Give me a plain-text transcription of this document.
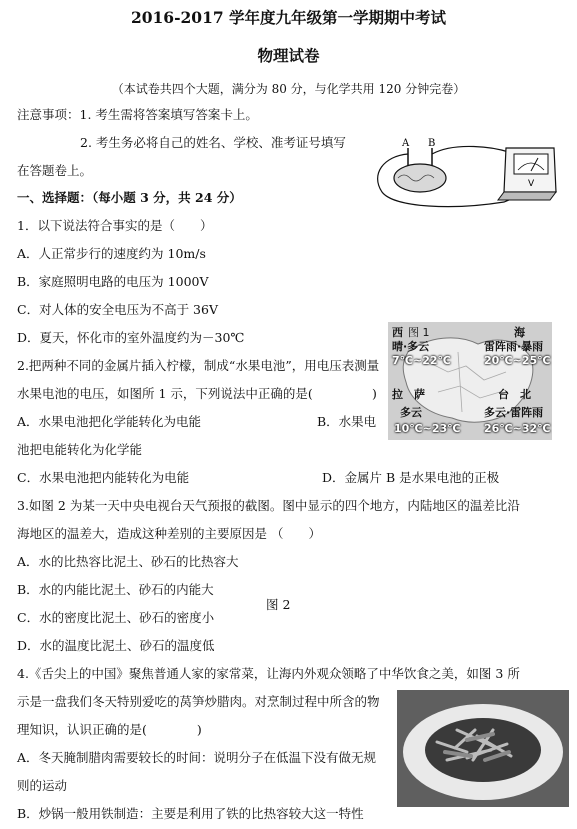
2016-2017 学年度九年级第一学期期中考试
物理试卷
（本试卷共四个大题，满分为 80 分，与化学共用 120 分钟完卷）
注意事项：1. 考生需将答案填写答案卡上。
2. 考生务必将自己的姓名、学校、准考证号填写
在答题卷上。
一、选择题：（每小题 3 分，共 24 分）
1．以下说法符合事实的是（　　）
A．人正常步行的速度约为 10m/s
B．家庭照明电路的电压为 1000V
C．对人体的安全电压为不高于 36V
D．夏天，怀化市的室外温度约为－30℃
2.把两种不同的金属片插入柠檬，制成“水果电池”，用电压表测量
水果电池的电压，如图所 1 示，下列说法中正确的是(	)
A．水果电池把化学能转化为电能	B．水果电
池把电能转化为化学能
C．水果电池把内能转化为电能	D．金属片 B 是水果电池的正极
3.如图 2 为某一天中央电视台天气预报的截图。图中显示的四个地方，内陆地区的温差比沿
海地区的温差大，造成这种差别的主要原因是 （　　）
A．水的比热容比泥土、砂石的比热容大
B．水的内能比泥土、砂石的内能大
图 2
C．水的密度比泥土、砂石的密度小
D．水的温度比泥土、砂石的温度低
4.《舌尖上的中国》聚焦普通人家的家常菜，让海内外观众领略了中华饮食之美，如图 3 所
示是一盘我们冬天特别爱吃的莴笋炒腊肉。对烹制过程中所含的物
理知识，认识正确的是(　　　　)
A．冬天腌制腊肉需要较长的时间：说明分子在低温下没有做无规
则的运动
B．炒锅一般用铁制造：主要是利用了铁的比热容较大这一特性
A B
V
西 图 1	海
晴·多云
7℃~22℃
雷阵雨·暴雨
20℃~25℃
拉　萨
多云
10℃~23℃
台　北
多云·雷阵雨
26℃~32℃
